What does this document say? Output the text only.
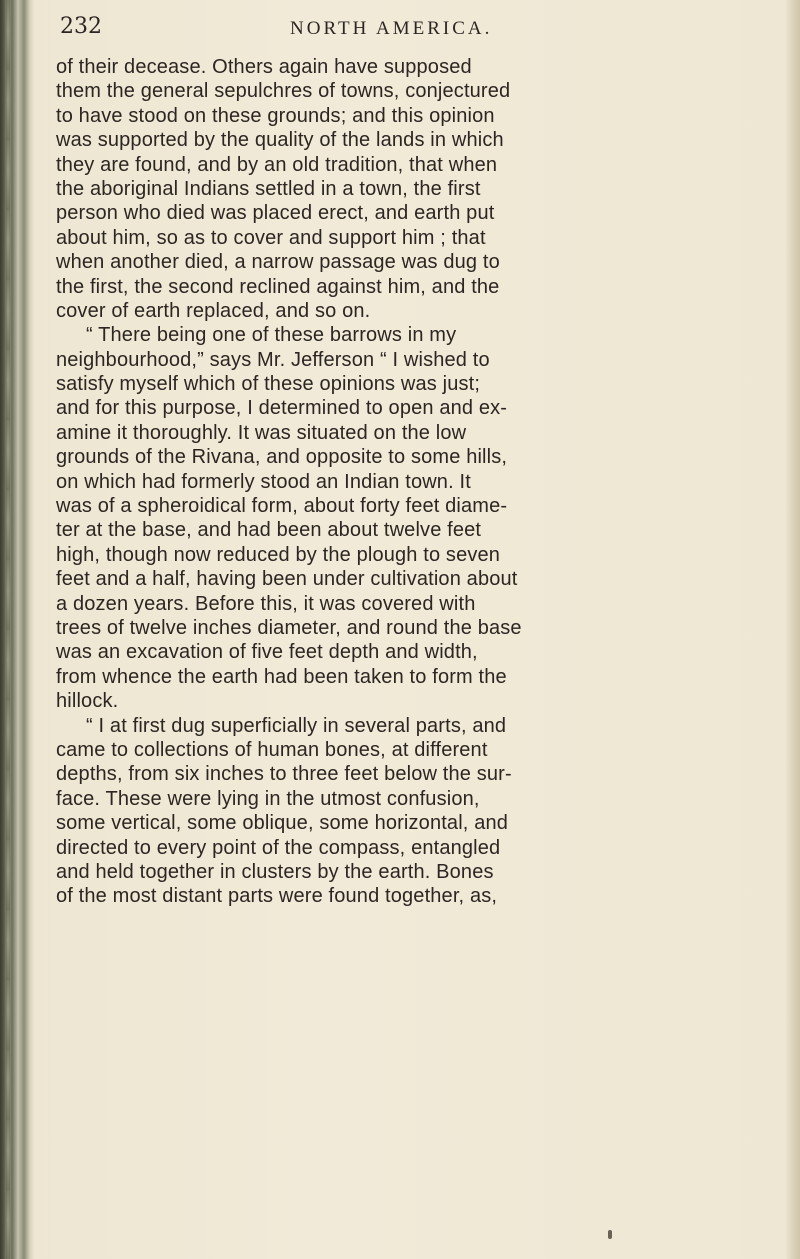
232	NORTH AMERICA.
of their decease. Others again have supposed
them the general sepulchres of towns, conjectured
to have stood on these grounds; and this opinion
was supported by the quality of the lands in which
they are found, and by an old tradition, that when
the aboriginal Indians settled in a town, the first
person who died was placed erect, and earth put
about him, so as to cover and support him ; that
when another died, a narrow passage was dug to
the first, the second reclined against him, and the
cover of earth replaced, and so on.
“ There being one of these barrows in my
neighbourhood,” says Mr. Jefferson “ I wished to
satisfy myself which of these opinions was just;
and for this purpose, I determined to open and ex-
amine it thoroughly. It was situated on the low
grounds of the Rivana, and opposite to some hills,
on which had formerly stood an Indian town. It
was of a spheroidical form, about forty feet diame-
ter at the base, and had been about twelve feet
high, though now reduced by the plough to seven
feet and a half, having been under cultivation about
a dozen years. Before this, it was covered with
trees of twelve inches diameter, and round the base
was an excavation of five feet depth and width,
from whence the earth had been taken to form the
hillock.
“ I at first dug superficially in several parts, and
came to collections of human bones, at different
depths, from six inches to three feet below the sur-
face. These were lying in the utmost confusion,
some vertical, some oblique, some horizontal, and
directed to every point of the compass, entangled
and held together in clusters by the earth. Bones
of the most distant parts were found together, as,
